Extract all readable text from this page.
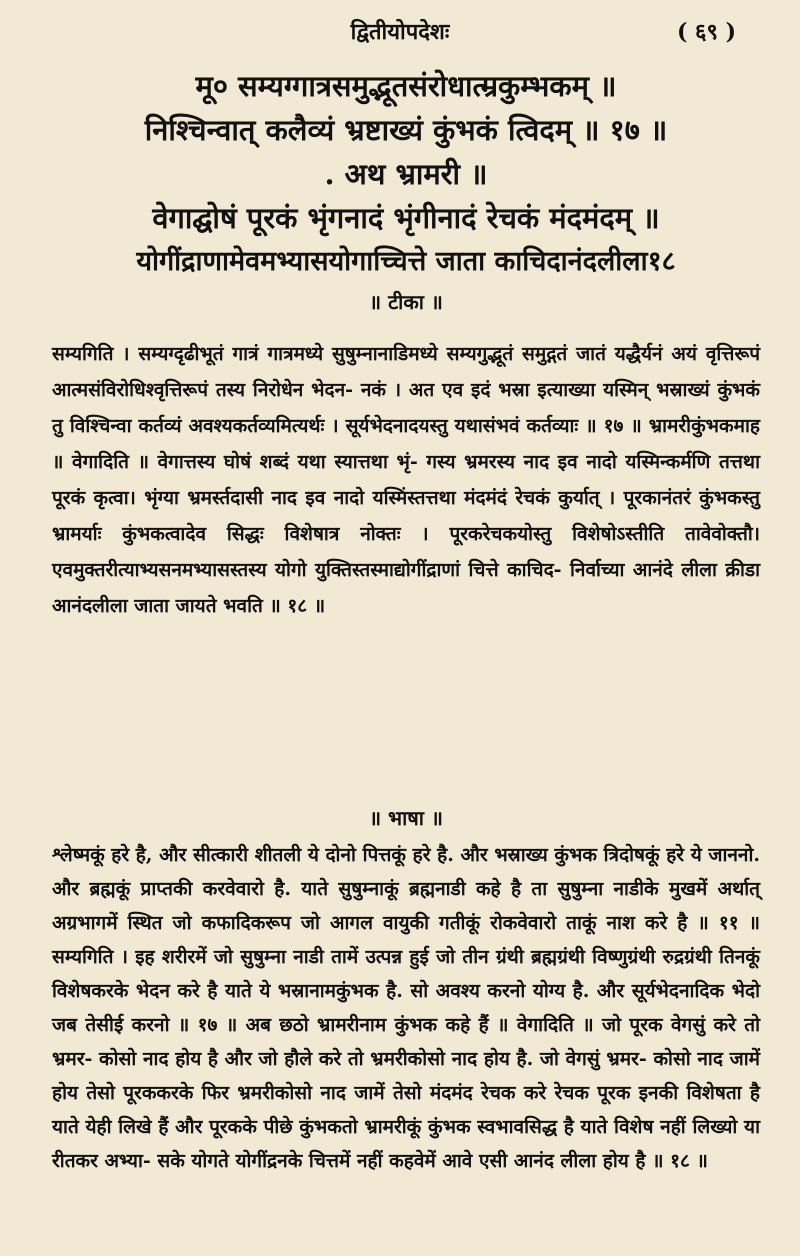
द्वितीयोपदेशः	( ६९ )

मू० सम्यग्गात्रसमुद्भूतसंरोधात्म्रकुम्भकम् ॥

निश्चिन्वात्‌ कलैव्यं भ्रष्टाख्यं कुंभकं त्विदम् ॥ १७ ॥

. अथ भ्रामरी ॥

वेगाद्घोषं पूरकं भृंगनादं भृंगीनादं रेचकं मंदमंदम् ॥

योगींद्राणामेवमभ्यासयोगाच्चित्ते जाता काचिदानंदलीला१८

॥ टीका ॥

सम्यगिति । सम्यग्दृढीभूतं गात्रं गात्रमध्ये सुषुम्नानाडिमध्ये सम्यगुद्भूतं समुद्गतं जातं यद्धैर्यनं अयं वृत्तिरूपं आत्मसंविरोधिश्वृत्तिरूपं तस्य निरोधेन भेदन- नकं । अत एव इदं भस्रा इत्याख्या यस्मिन् भस्राख्यं कुंभकं तु विश्चिन्वा कर्तव्यं अवश्यकर्तव्यमित्यर्थः । सूर्यभेदनादयस्तु यथासंभवं कर्तव्याः ॥ १७ ॥ भ्रामरीकुंभकमाह ॥ वेगादिति ॥ वेगात्तस्य घोषं शब्दं यथा स्यात्तथा भृं- गस्य भ्रमरस्य नाद इव नादो यस्मिन्कर्मणि तत्तथा पूरकं कृत्वा। भृंग्या भ्रमर्स्तदासी नाद इव नादो यस्मिंस्तत्तथा मंदमंदं रेचकं कुर्यात् । पूरकानंतरं कुंभकस्तु भ्रामर्याः कुंभकत्वादेव सिद्धः विशेषात्र नोक्तः । पूरकरेचकयोस्तु विशेषोऽस्तीति तावेवोक्तौ। एवमुक्तरीत्याभ्यसनमभ्यासस्तस्य योगो युक्तिस्तस्माद्योगींद्राणां चित्ते काचिद- निर्वाच्या आनंदे लीला क्रीडा आनंदलीला जाता जायते भवति ॥ १८ ॥

॥ भाषा ॥

श्लेष्मकूं हरे है, और सीत्कारी शीतली ये दोनो पित्तकूं हरे है. और भस्राख्य कुंभक त्रिदोषकूं हरे ये जाननो. और ब्रह्मकूं प्राप्तकी करवेवारो है. याते सुषुम्नाकूं ब्रह्मनाडी कहे है ता सुषुम्ना नाडीके मुखमें अर्थात् अग्रभागमें स्थित जो कफादिकरूप जो आगल वायुकी गतीकूं रोकवेवारो ताकूं नाश करे है ॥ ११ ॥ सम्यगिति । इह शरीरमें जो सुषुम्ना नाडी तामें उत्पन्न हुई जो तीन ग्रंथी ब्रह्मग्रंथी विष्णुग्रंथी रुद्रग्रंथी तिनकूं विशेषकरके भेदन करे है याते ये भस्रानामकुंभक है. सो अवश्य करनो योग्य है. और सूर्यभेदनादिक भेदो जब तेसीई करनो ॥ १७ ॥ अब छठो भ्रामरीनाम कुंभक कहे हैं ॥ वेगादिति ॥ जो पूरक वेगसुं करे तो भ्रमर- कोसो नाद होय है और जो हौले करे तो भ्रमरीकोसो नाद होय है. जो वेगसुं भ्रमर- कोसो नाद जामें होय तेसो पूरककरके फिर भ्रमरीकोसो नाद जामें तेसो मंदमंद रेचक करे रेचक पूरक इनकी विशेषता है याते येही लिखे हैं और पूरकके पीछे कुंभकतो भ्रामरीकूं कुंभक स्वभावसिद्ध है याते विशेष नहीं लिख्यो या रीतकर अभ्या- सके योगते योगींद्रनके चित्तमें नहीं कहवेमें आवे एसी आनंद लीला होय है ॥ १८ ॥
